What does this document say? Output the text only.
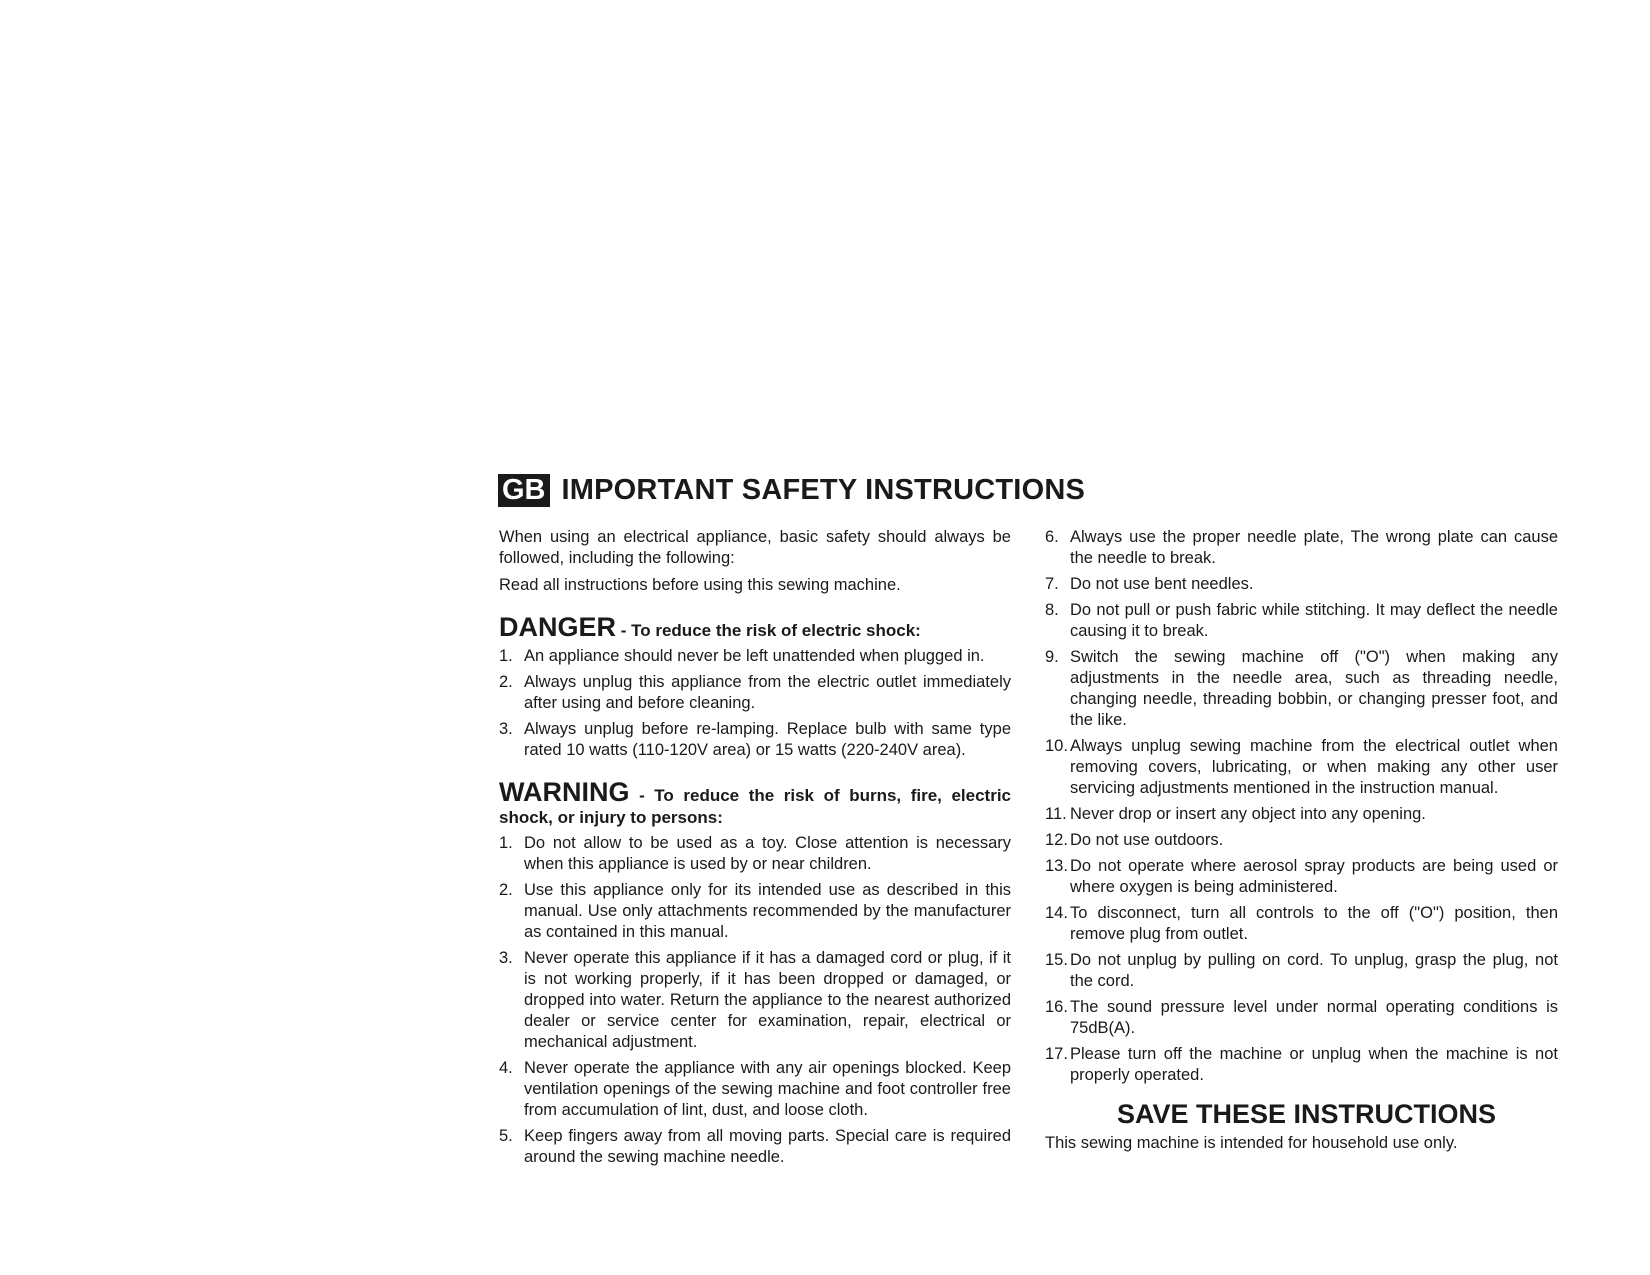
GB IMPORTANT SAFETY INSTRUCTIONS

When using an electrical appliance, basic safety should always be followed, including the following:

Read all instructions before using this sewing machine.

DANGER - To reduce the risk of electric shock:
1. An appliance should never be left unattended when plugged in.
2. Always unplug this appliance from the electric outlet immediately after using and before cleaning.
3. Always unplug before re-lamping. Replace bulb with same type rated 10 watts (110-120V area) or 15 watts (220-240V area).
WARNING - To reduce the risk of burns, fire, electric shock, or injury to persons:
1. Do not allow to be used as a toy. Close attention is necessary when this appliance is used by or near children.
2. Use this appliance only for its intended use as described in this manual. Use only attachments recommended by the manufacturer as contained in this manual.
3. Never operate this appliance if it has a damaged cord or plug, if it is not working properly, if it has been dropped or damaged, or dropped into water. Return the appliance to the nearest authorized dealer or service center for examination, repair, electrical or mechanical adjustment.
4. Never operate the appliance with any air openings blocked. Keep ventilation openings of the sewing machine and foot controller free from accumulation of lint, dust, and loose cloth.
5. Keep fingers away from all moving parts. Special care is required around the sewing machine needle.
6. Always use the proper needle plate, The wrong plate can cause the needle to break.
7. Do not use bent needles.
8. Do not pull or push fabric while stitching. It may deflect the needle causing it to break.
9. Switch the sewing machine off ("O") when making any adjustments in the needle area, such as threading needle, changing needle, threading bobbin, or changing presser foot, and the like.
10. Always unplug sewing machine from the electrical outlet when removing covers, lubricating, or when making any other user servicing adjustments mentioned in the instruction manual.
11. Never drop or insert any object into any opening.
12. Do not use outdoors.
13. Do not operate where aerosol spray products are being used or where oxygen is being administered.
14. To disconnect, turn all controls to the off ("O") position, then remove plug from outlet.
15. Do not unplug by pulling on cord. To unplug, grasp the plug, not the cord.
16. The sound pressure level under normal operating conditions is 75dB(A).
17. Please turn off the machine or unplug when the machine is not properly operated.
SAVE THESE INSTRUCTIONS

This sewing machine is intended for household use only.
